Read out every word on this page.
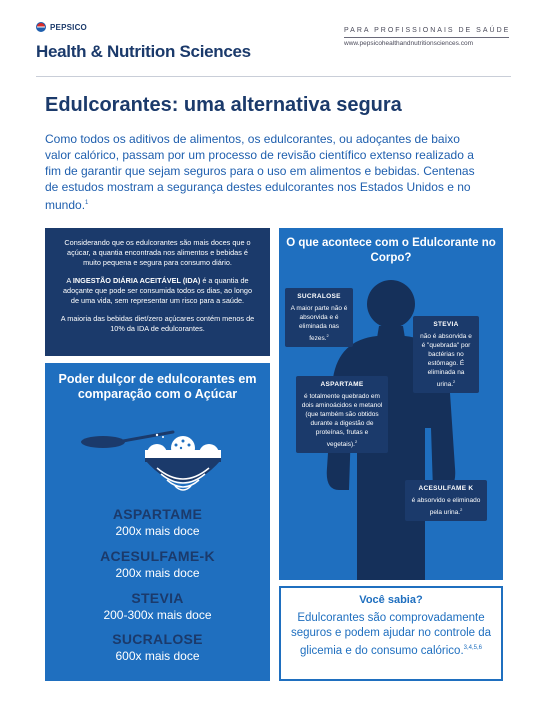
PEPSICO
Health & Nutrition Sciences
PARA PROFISSIONAIS DE SAÚDE
www.pepsicohealthandnutritionsciences.com
Edulcorantes: uma alternativa segura

Como todos os aditivos de alimentos, os edulcorantes, ou adoçantes de baixo valor calórico, passam por um processo de revisão científico extenso realizado a fim de garantir que sejam seguros para o uso em alimentos e bebidas. Centenas de estudos mostram a segurança destes edulcorantes nos Estados Unidos e no mundo.$^1$

Considerando que os edulcorantes são mais doces que o açúcar, a quantia encontrada nos alimentos e bebidas é muito pequena e segura para consumo diário.

A INGESTÃO DIÁRIA ACEITÁVEL (IDA) é a quantia de adoçante que pode ser consumida todos os dias, ao longo de uma vida, sem representar um risco para a saúde.

A maioria das bebidas diet/zero açúcares contém menos de 10% da IDA de edulcorantes.

Poder dulçor de edulcorantes em comparação com o Açúcar
ASPARTAME
200x mais doce
ACESULFAME-K
200x mais doce
STEVIA
200-300x mais doce
SUCRALOSE
600x mais doce
O que acontece com o Edulcorante no Corpo?
SUCRALOSE
A maior parte não é absorvida e é eliminada nas fezes.$^2$
STEVIA
não é absorvida e é "quebrada" por bactérias no estômago. É eliminada na urina.$^2$
ASPARTAME
é totalmente quebrado em dois aminoácidos e metanol (que também são obtidos durante a digestão de proteínas, frutas e vegetais).$^2$
ACESULFAME K
é absorvido e eliminado pela urina.$^2$
Você sabia?

Edulcorantes são comprovadamente seguros e podem ajudar no controle da glicemia e do consumo calórico.$^{3,4,5,6}$
